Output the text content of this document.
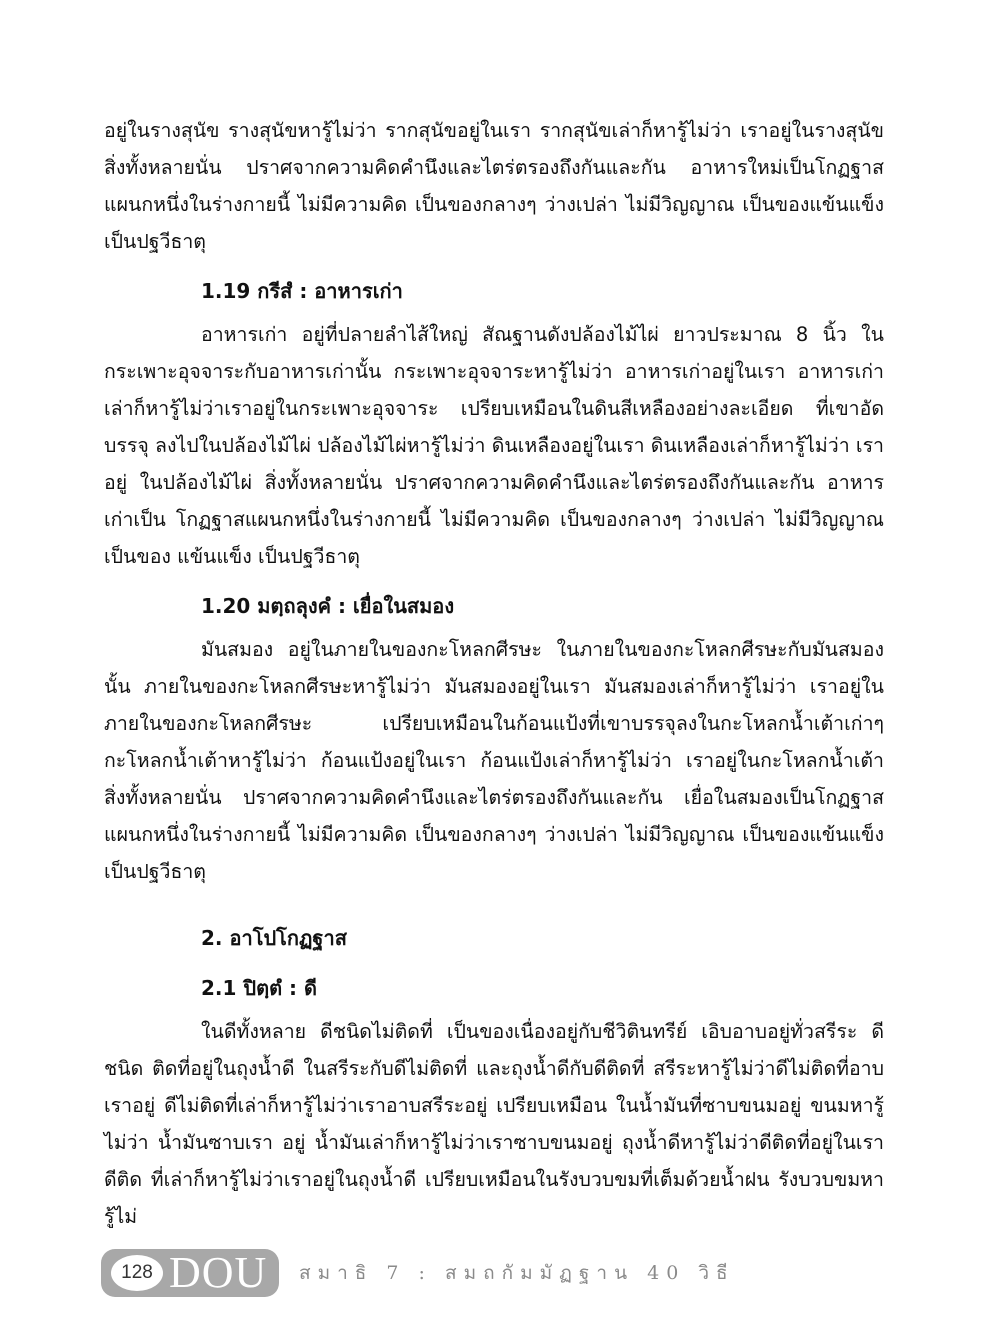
อยู่ในรางสุนัข รางสุนัขหารู้ไม่ว่า รากสุนัขอยู่ในเรา รากสุนัขเล่าก็หารู้ไม่ว่า เราอยู่ในรางสุนัข สิ่งทั้งหลายนั่น ปราศจากความคิดคำนึงและไตร่ตรองถึงกันและกัน อาหารใหม่เป็นโกฏฐาส แผนกหนึ่งในร่างกายนี้ ไม่มีความคิด เป็นของกลางๆ ว่างเปล่า ไม่มีวิญญาณ เป็นของแข้นแข็ง เป็นปฐวีธาตุ

1.19 กรีสํ : อาหารเก่า

อาหารเก่า อยู่ที่ปลายลำไส้ใหญ่ สัณฐานดังปล้องไม้ไผ่ ยาวประมาณ 8 นิ้ว ใน กระเพาะอุจจาระกับอาหารเก่านั้น กระเพาะอุจจาระหารู้ไม่ว่า อาหารเก่าอยู่ในเรา อาหารเก่า เล่าก็หารู้ไม่ว่าเราอยู่ในกระเพาะอุจจาระ เปรียบเหมือนในดินสีเหลืองอย่างละเอียด ที่เขาอัดบรรจุ ลงไปในปล้องไม้ไผ่ ปล้องไม้ไผ่หารู้ไม่ว่า ดินเหลืองอยู่ในเรา ดินเหลืองเล่าก็หารู้ไม่ว่า เราอยู่ ในปล้องไม้ไผ่ สิ่งทั้งหลายนั่น ปราศจากความคิดคำนึงและไตร่ตรองถึงกันและกัน อาหารเก่าเป็น โกฏฐาสแผนกหนึ่งในร่างกายนี้ ไม่มีความคิด เป็นของกลางๆ ว่างเปล่า ไม่มีวิญญาณ เป็นของ แข้นแข็ง เป็นปฐวีธาตุ

1.20 มตฺถลุงคํ : เยื่อในสมอง

มันสมอง อยู่ในภายในของกะโหลกศีรษะ ในภายในของกะโหลกศีรษะกับมันสมอง นั้น ภายในของกะโหลกศีรษะหารู้ไม่ว่า มันสมองอยู่ในเรา มันสมองเล่าก็หารู้ไม่ว่า เราอยู่ใน ภายในของกะโหลกศีรษะ เปรียบเหมือนในก้อนแป้งที่เขาบรรจุลงในกะโหลกน้ำเต้าเก่าๆ กะโหลกน้ำเต้าหารู้ไม่ว่า ก้อนแป้งอยู่ในเรา ก้อนแป้งเล่าก็หารู้ไม่ว่า เราอยู่ในกะโหลกน้ำเต้า สิ่งทั้งหลายนั่น ปราศจากความคิดคำนึงและไตร่ตรองถึงกันและกัน เยื่อในสมองเป็นโกฏฐาส แผนกหนึ่งในร่างกายนี้ ไม่มีความคิด เป็นของกลางๆ ว่างเปล่า ไม่มีวิญญาณ เป็นของแข้นแข็ง เป็นปฐวีธาตุ

2. อาโปโกฏฐาส
2.1 ปิตฺตํ : ดี

ในดีทั้งหลาย ดีชนิดไม่ติดที่ เป็นของเนื่องอยู่กับชีวิตินทรีย์ เอิบอาบอยู่ทั่วสรีระ ดีชนิด ติดที่อยู่ในถุงน้ำดี ในสรีระกับดีไม่ติดที่ และถุงน้ำดีกับดีติดที่ สรีระหารู้ไม่ว่าดีไม่ติดที่อาบเราอยู่ ดีไม่ติดที่เล่าก็หารู้ไม่ว่าเราอาบสรีระอยู่ เปรียบเหมือน ในน้ำมันที่ซาบขนมอยู่ ขนมหารู้ไม่ว่า น้ำมันซาบเรา อยู่ น้ำมันเล่าก็หารู้ไม่ว่าเราซาบขนมอยู่ ถุงน้ำดีหารู้ไม่ว่าดีติดที่อยู่ในเรา ดีติด ที่เล่าก็หารู้ไม่ว่าเราอยู่ในถุงน้ำดี เปรียบเหมือนในรังบวบขมที่เต็มด้วยน้ำฝน รังบวบขมหารู้ไม่

128 DOU สมาธิ 7 : สมถกัมมัฏฐาน 40 วิธี
